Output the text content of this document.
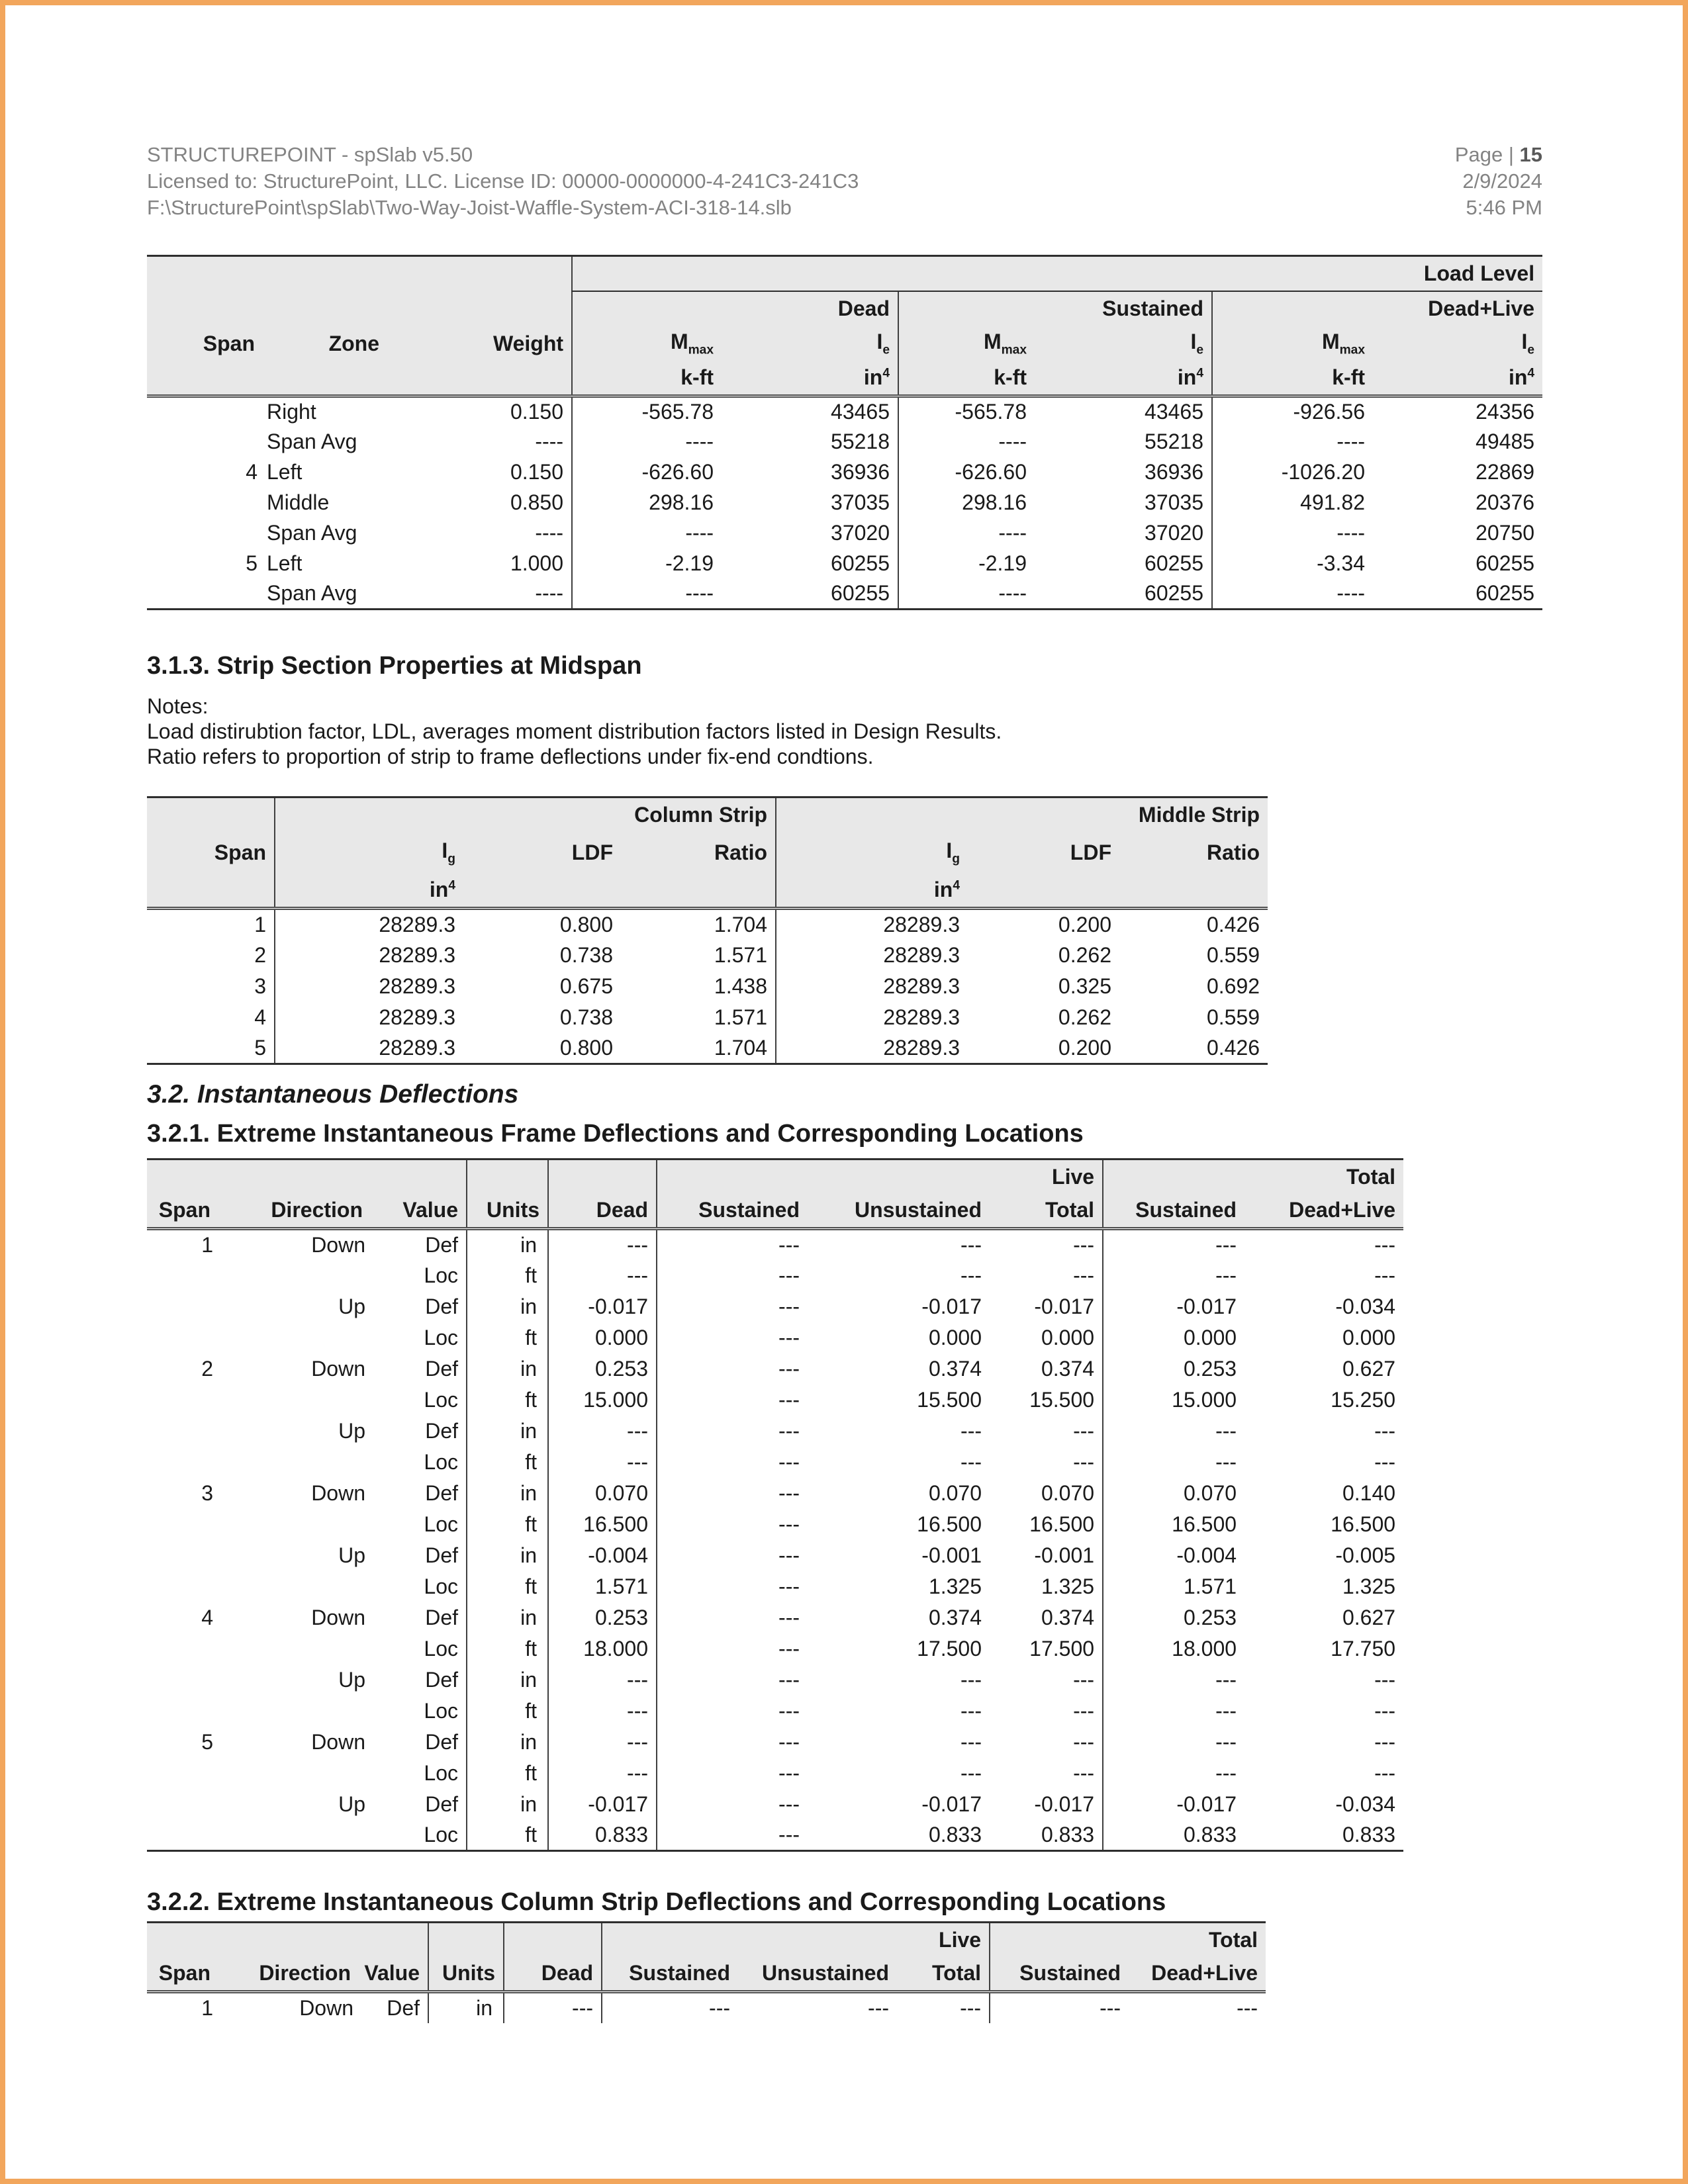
STRUCTUREPOINT - spSlab v5.50
Licensed to: StructurePoint, LLC. License ID: 00000-0000000-4-241C3-241C3
F:\StructurePoint\spSlab\Two-Way-Joist-Waffle-System-ACI-318-14.slb
Page | 15
2/9/2024
5:46 PM
			Load Level					
			Dead		Sustained		Dead+Live	
Span	Zone	Weight	$M_{max}$	$I_e$	$M_{max}$	$I_e$	$M_{max}$	$I_e$
			k-ft	$in^4$	k-ft	$in^4$	k-ft	$in^4$
	Right	0.150	-565.78	43465	-565.78	43465	-926.56	24356
	Span Avg	----	----	55218	----	55218	----	49485
4	Left	0.150	-626.60	36936	-626.60	36936	-1026.20	22869
	Middle	0.850	298.16	37035	298.16	37035	491.82	20376
	Span Avg	----	----	37020	----	37020	----	20750
5	Left	1.000	-2.19	60255	-2.19	60255	-3.34	60255
	Span Avg	----	----	60255	----	60255	----	60255
3.1.3. Strip Section Properties at Midspan
Notes:
Load distirubtion factor, LDL, averages moment distribution factors listed in Design Results.
Ratio refers to proportion of strip to frame deflections under fix-end condtions.
	Column Strip			Middle Strip		
Span	$I_g$	LDF	Ratio	$I_g$	LDF	Ratio
	$in^4$			$in^4$		
1	28289.3	0.800	1.704	28289.3	0.200	0.426
2	28289.3	0.738	1.571	28289.3	0.262	0.559
3	28289.3	0.675	1.438	28289.3	0.325	0.692
4	28289.3	0.738	1.571	28289.3	0.262	0.559
5	28289.3	0.800	1.704	28289.3	0.200	0.426
3.2. Instantaneous Deflections
3.2.1. Extreme Instantaneous Frame Deflections and Corresponding Locations
					Live			Total	
Span	Direction	Value	Units	Dead	Sustained	Unsustained	Total	Sustained	Dead+Live
1	Down	Def	in	---	---	---	---	---	---
		Loc	ft	---	---	---	---	---	---
	Up	Def	in	-0.017	---	-0.017	-0.017	-0.017	-0.034
		Loc	ft	0.000	---	0.000	0.000	0.000	0.000
2	Down	Def	in	0.253	---	0.374	0.374	0.253	0.627
		Loc	ft	15.000	---	15.500	15.500	15.000	15.250
	Up	Def	in	---	---	---	---	---	---
		Loc	ft	---	---	---	---	---	---
3	Down	Def	in	0.070	---	0.070	0.070	0.070	0.140
		Loc	ft	16.500	---	16.500	16.500	16.500	16.500
	Up	Def	in	-0.004	---	-0.001	-0.001	-0.004	-0.005
		Loc	ft	1.571	---	1.325	1.325	1.571	1.325
4	Down	Def	in	0.253	---	0.374	0.374	0.253	0.627
		Loc	ft	18.000	---	17.500	17.500	18.000	17.750
	Up	Def	in	---	---	---	---	---	---
		Loc	ft	---	---	---	---	---	---
5	Down	Def	in	---	---	---	---	---	---
		Loc	ft	---	---	---	---	---	---
	Up	Def	in	-0.017	---	-0.017	-0.017	-0.017	-0.034
		Loc	ft	0.833	---	0.833	0.833	0.833	0.833
3.2.2. Extreme Instantaneous Column Strip Deflections and Corresponding Locations
					Live			Total	
Span	Direction	Value	Units	Dead	Sustained	Unsustained	Total	Sustained	Dead+Live
1	Down	Def	in	---	---	---	---	---	---
